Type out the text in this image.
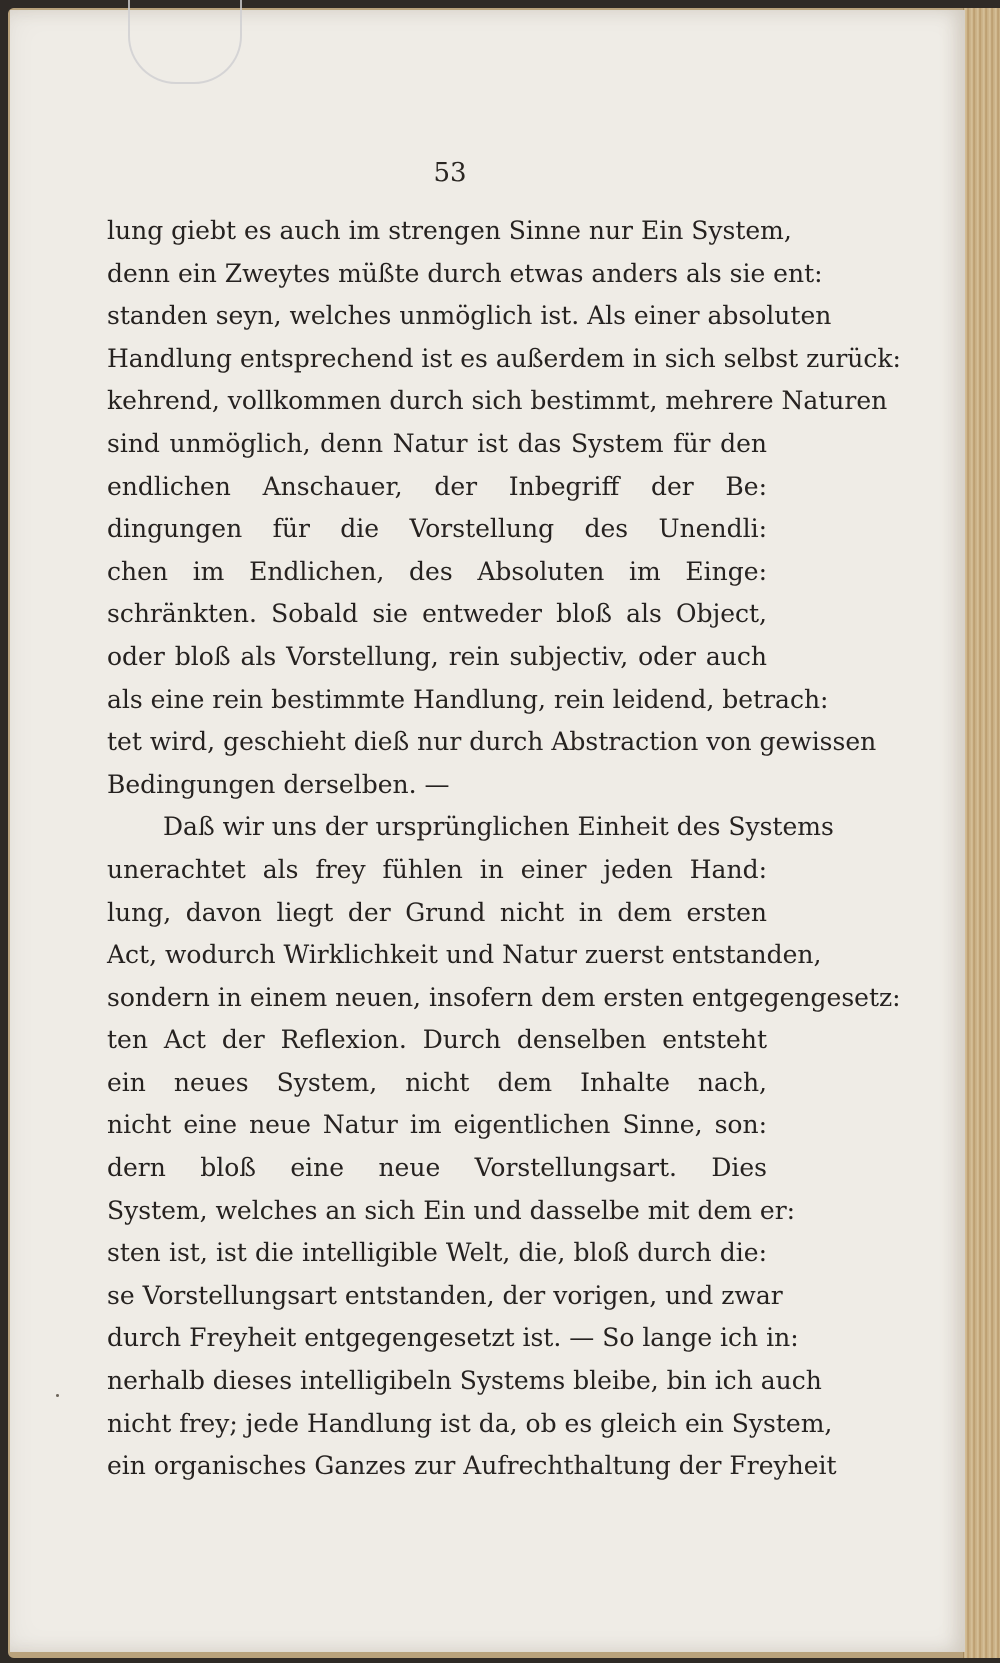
53
lung giebt es auch im strengen Sinne nur Ein System,
denn ein Zweytes müßte durch etwas anders als sie ent:
standen seyn, welches unmöglich ist. Als einer absoluten
Handlung entsprechend ist es außerdem in sich selbst zurück:
kehrend, vollkommen durch sich bestimmt, mehrere Naturen
sind unmöglich, denn Natur ist das System für den
endlichen Anschauer, der Inbegriff der Be:
dingungen für die Vorstellung des Unendli:
chen im Endlichen, des Absoluten im Einge:
schränkten. Sobald sie entweder bloß als Object,
oder bloß als Vorstellung, rein subjectiv, oder auch
als eine rein bestimmte Handlung, rein leidend, betrach:
tet wird, geschieht dieß nur durch Abstraction von gewissen
Bedingungen derselben. —
Daß wir uns der ursprünglichen Einheit des Systems
unerachtet als frey fühlen in einer jeden Hand:
lung, davon liegt der Grund nicht in dem ersten
Act, wodurch Wirklichkeit und Natur zuerst entstanden,
sondern in einem neuen, insofern dem ersten entgegengesetz:
ten Act der Reflexion. Durch denselben entsteht
ein neues System, nicht dem Inhalte nach,
nicht eine neue Natur im eigentlichen Sinne, son:
dern bloß eine neue Vorstellungsart. Dies
System, welches an sich Ein und dasselbe mit dem er:
sten ist, ist die intelligible Welt, die, bloß durch die:
se Vorstellungsart entstanden, der vorigen, und zwar
durch Freyheit entgegengesetzt ist. — So lange ich in:
nerhalb dieses intelligibeln Systems bleibe, bin ich auch
nicht frey; jede Handlung ist da, ob es gleich ein System,
ein organisches Ganzes zur Aufrechthaltung der Freyheit
